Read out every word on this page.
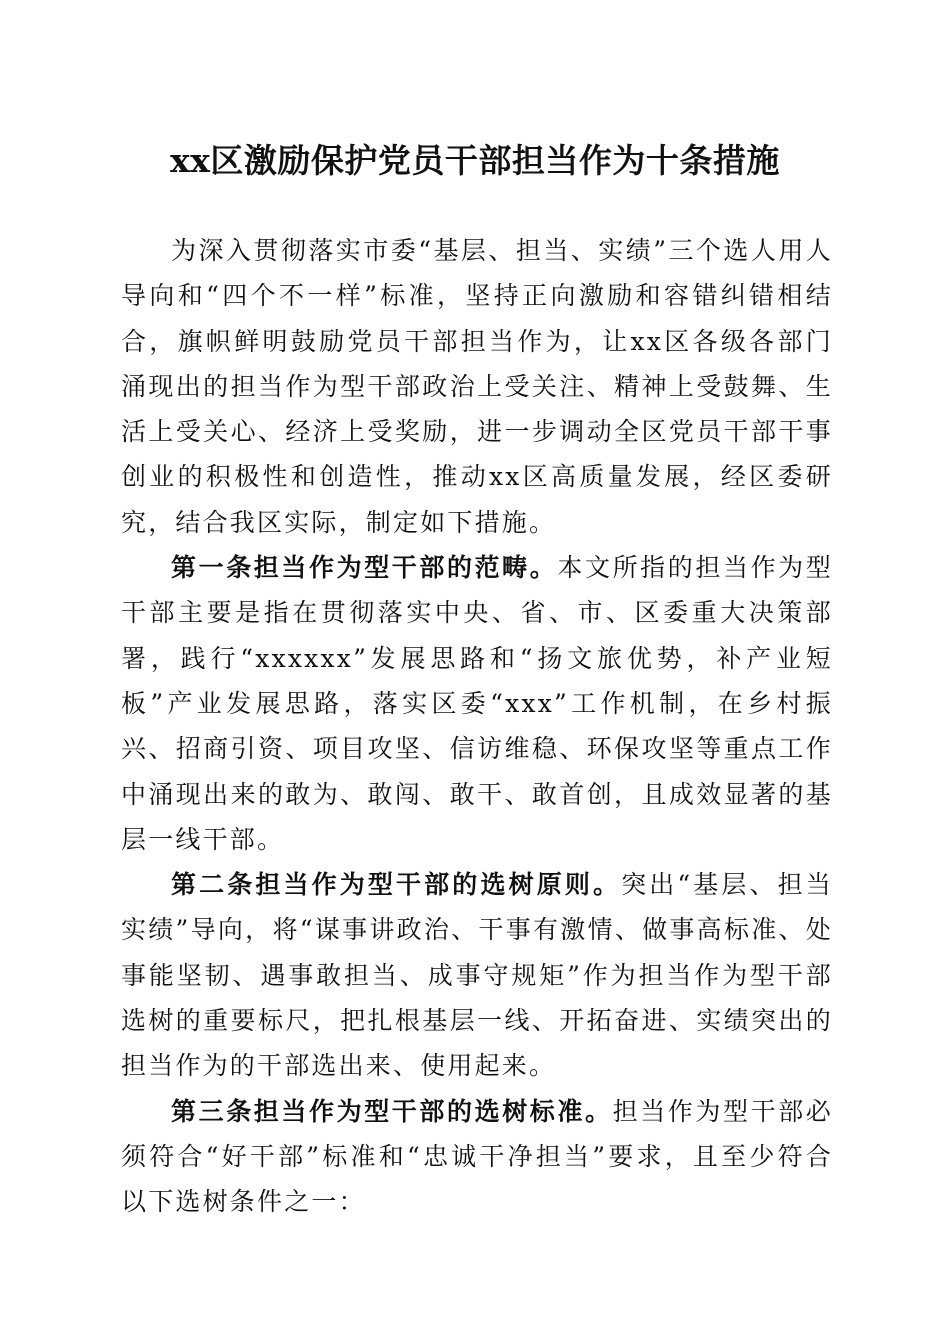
xx区激励保护党员干部担当作为十条措施

为深入贯彻落实市委“基层、担当、实绩”三个选人用人导向和“四个不一样”标准，坚持正向激励和容错纠错相结合，旗帜鲜明鼓励党员干部担当作为，让xx区各级各部门涌现出的担当作为型干部政治上受关注、精神上受鼓舞、生活上受关心、经济上受奖励，进一步调动全区党员干部干事创业的积极性和创造性，推动xx区高质量发展，经区委研究，结合我区实际，制定如下措施。

第一条担当作为型干部的范畴。本文所指的担当作为型干部主要是指在贯彻落实中央、省、市、区委重大决策部署，践行“xxxxxx”发展思路和“扬文旅优势，补产业短板”产业发展思路，落实区委“xxx”工作机制，在乡村振兴、招商引资、项目攻坚、信访维稳、环保攻坚等重点工作中涌现出来的敢为、敢闯、敢干、敢首创，且成效显著的基层一线干部。

第二条担当作为型干部的选树原则。突出“基层、担当实绩”导向，将“谋事讲政治、干事有激情、做事高标准、处事能坚韧、遇事敢担当、成事守规矩”作为担当作为型干部选树的重要标尺，把扎根基层一线、开拓奋进、实绩突出的担当作为的干部选出来、使用起来。

第三条担当作为型干部的选树标准。担当作为型干部必须符合“好干部”标准和“忠诚干净担当”要求，且至少符合以下选树条件之一：
